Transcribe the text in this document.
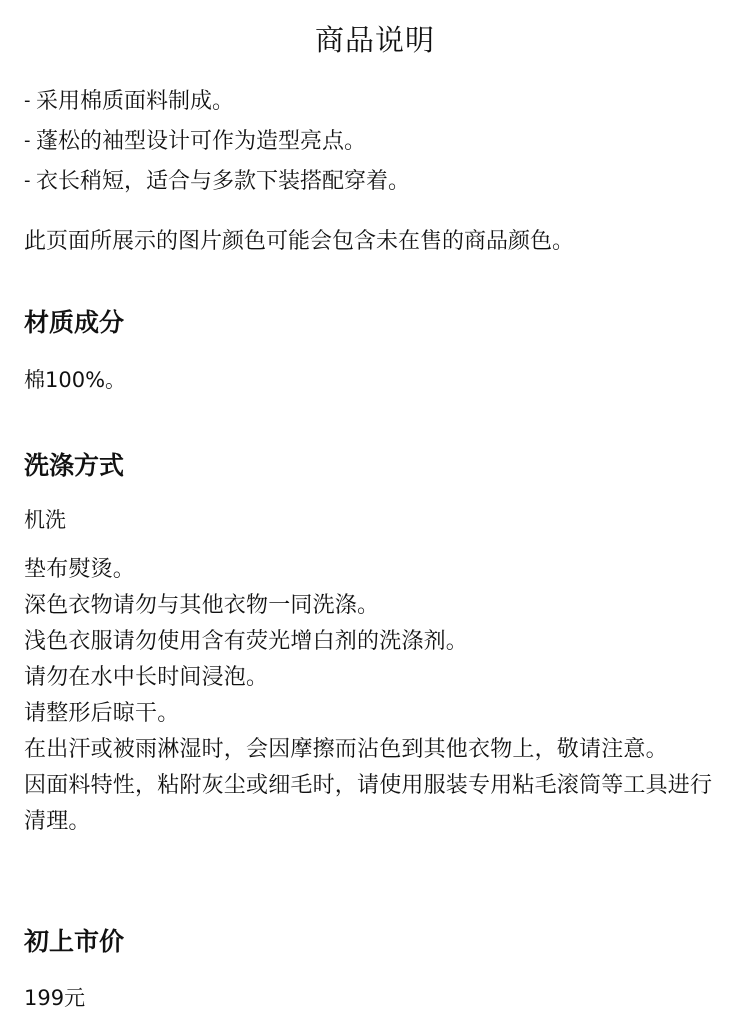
商品说明
- 采用棉质面料制成。
- 蓬松的袖型设计可作为造型亮点。
- 衣长稍短，适合与多款下装搭配穿着。
此页面所展示的图片颜色可能会包含未在售的商品颜色。
材质成分
棉100%。
洗涤方式
机洗
垫布熨烫。
深色衣物请勿与其他衣物一同洗涤。
浅色衣服请勿使用含有荧光增白剂的洗涤剂。
请勿在水中长时间浸泡。
请整形后晾干。
在出汗或被雨淋湿时，会因摩擦而沾色到其他衣物上，敬请注意。
因面料特性，粘附灰尘或细毛时，请使用服装专用粘毛滚筒等工具进行清理。
初上市价
199元
